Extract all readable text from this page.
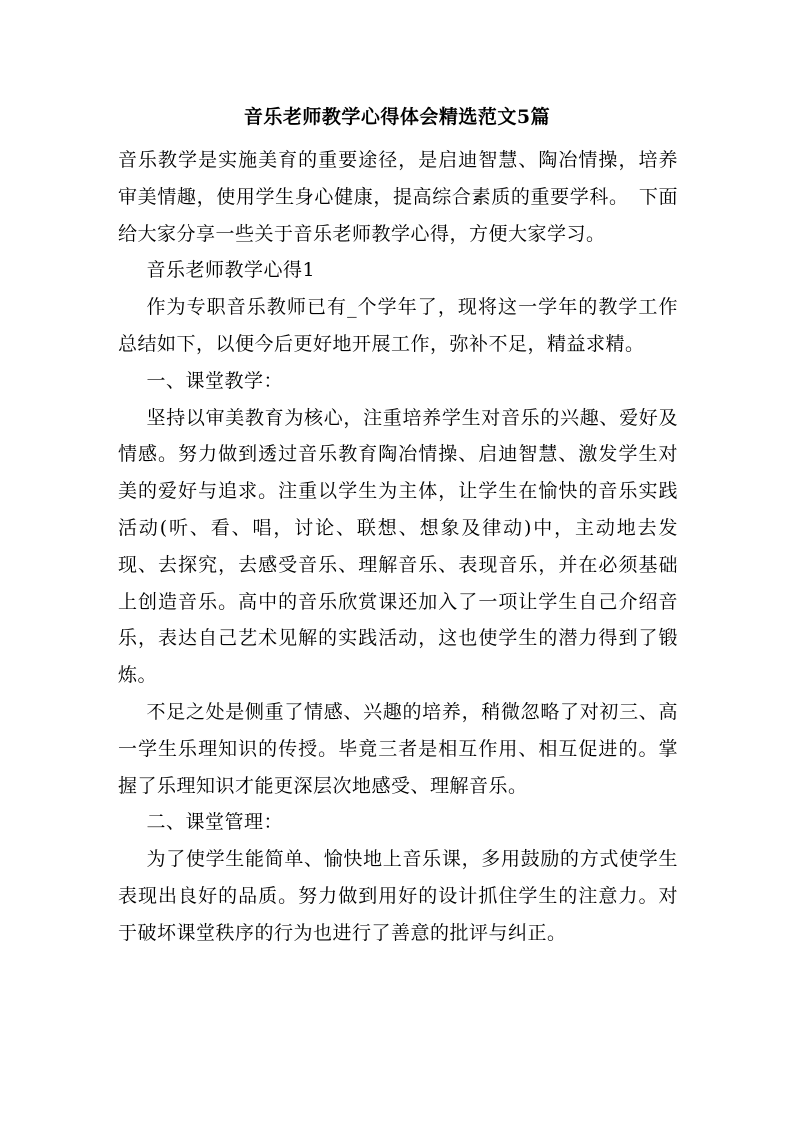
音乐老师教学心得体会精选范文5篇

音乐教学是实施美育的重要途径，是启迪智慧、陶冶情操，培养审美情趣，使用学生身心健康，提高综合素质的重要学科。　下面给大家分享一些关于音乐老师教学心得，方便大家学习。

音乐老师教学心得1

作为专职音乐教师已有_个学年了，现将这一学年的教学工作总结如下，以便今后更好地开展工作，弥补不足，精益求精。

一、课堂教学：

坚持以审美教育为核心，注重培养学生对音乐的兴趣、爱好及情感。努力做到透过音乐教育陶冶情操、启迪智慧、激发学生对美的爱好与追求。注重以学生为主体，让学生在愉快的音乐实践活动(听、看、唱，讨论、联想、想象及律动)中，主动地去发现、去探究，去感受音乐、理解音乐、表现音乐，并在必须基础上创造音乐。高中的音乐欣赏课还加入了一项让学生自己介绍音乐，表达自己艺术见解的实践活动，这也使学生的潜力得到了锻炼。

不足之处是侧重了情感、兴趣的培养，稍微忽略了对初三、高一学生乐理知识的传授。毕竟三者是相互作用、相互促进的。掌握了乐理知识才能更深层次地感受、理解音乐。

二、课堂管理：

为了使学生能简单、愉快地上音乐课，多用鼓励的方式使学生表现出良好的品质。努力做到用好的设计抓住学生的注意力。对于破坏课堂秩序的行为也进行了善意的批评与纠正。
